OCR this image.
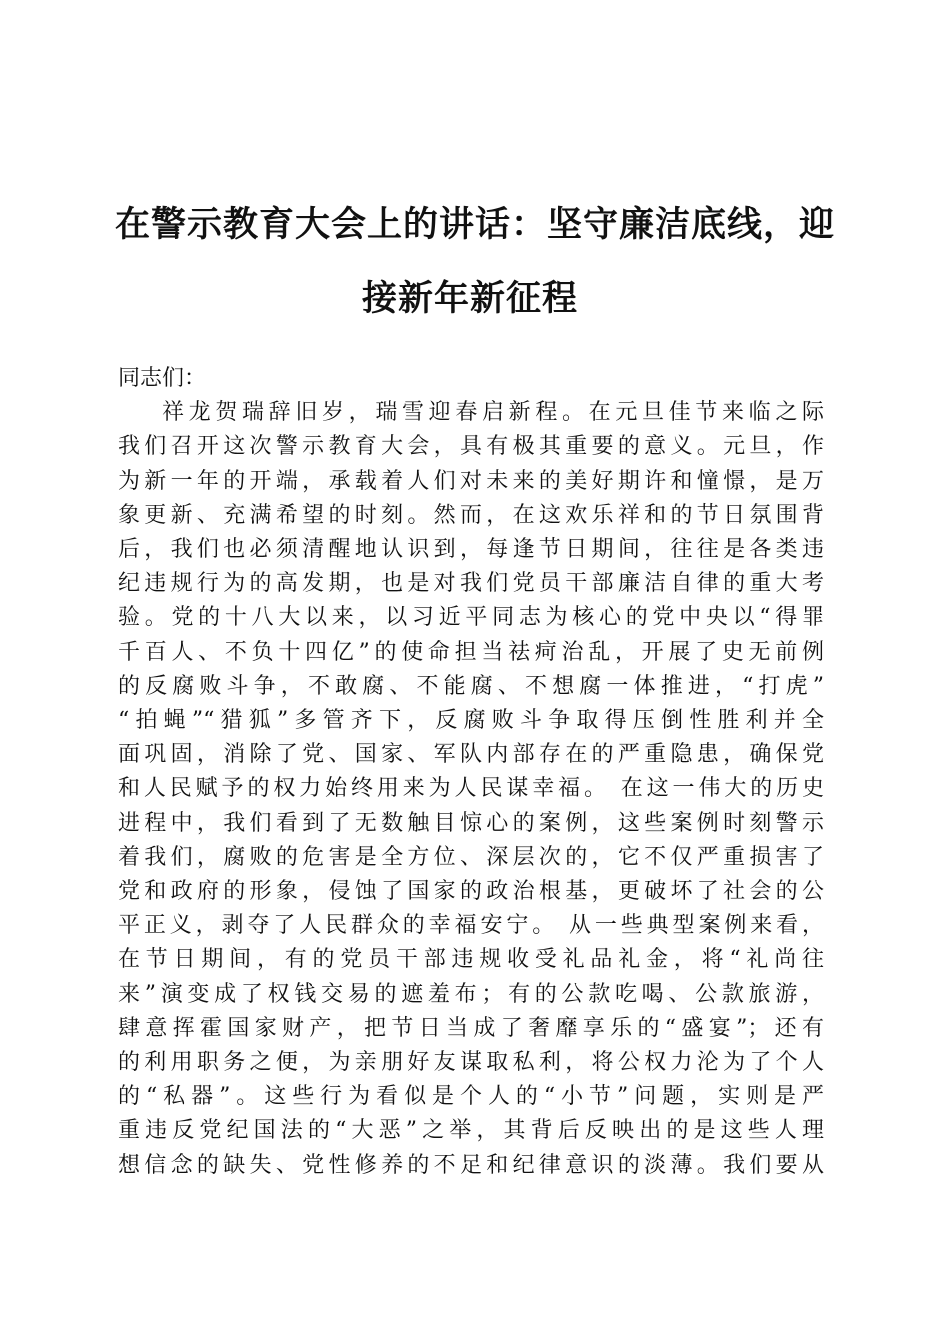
在警示教育大会上的讲话：坚守廉洁底线，迎
接新年新征程
同志们：
祥龙贺瑞辞旧岁，瑞雪迎春启新程。在元旦佳节来临之际
我们召开这次警示教育大会，具有极其重要的意义。元旦，作
为新一年的开端，承载着人们对未来的美好期许和憧憬，是万
象更新、充满希望的时刻。然而，在这欢乐祥和的节日氛围背
后，我们也必须清醒地认识到，每逢节日期间，往往是各类违
纪违规行为的高发期，也是对我们党员干部廉洁自律的重大考
验。党的十八大以来，以习近平同志为核心的党中央以“得罪
千百人、不负十四亿”的使命担当祛疴治乱，开展了史无前例
的反腐败斗争，不敢腐、不能腐、不想腐一体推进，“打虎”
“拍蝇”“猎狐”多管齐下，反腐败斗争取得压倒性胜利并全
面巩固，消除了党、国家、军队内部存在的严重隐患，确保党
和人民赋予的权力始终用来为人民谋幸福。 在这一伟大的历史
进程中，我们看到了无数触目惊心的案例，这些案例时刻警示
着我们，腐败的危害是全方位、深层次的，它不仅严重损害了
党和政府的形象，侵蚀了国家的政治根基，更破坏了社会的公
平正义，剥夺了人民群众的幸福安宁。 从一些典型案例来看，
在节日期间，有的党员干部违规收受礼品礼金，将“礼尚往
来”演变成了权钱交易的遮羞布；有的公款吃喝、公款旅游，
肆意挥霍国家财产，把节日当成了奢靡享乐的“盛宴”；还有
的利用职务之便，为亲朋好友谋取私利，将公权力沦为了个人
的“私器”。这些行为看似是个人的“小节”问题，实则是严
重违反党纪国法的“大恶”之举，其背后反映出的是这些人理
想信念的缺失、党性修养的不足和纪律意识的淡薄。我们要从
